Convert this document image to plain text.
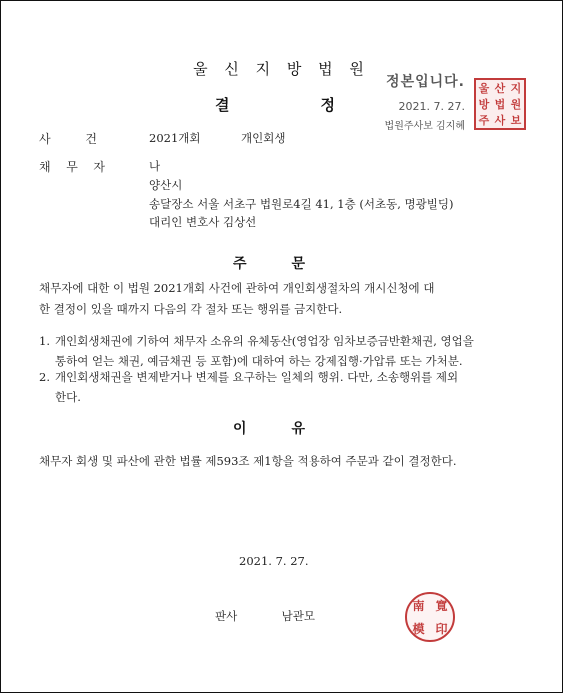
울 신 지 방 법 원
결	정
정본입니다.
2021. 7. 27.
법원주사보 김지혜
울 산 지
방 법 원
주 사 보
사	건	2021개회	개인회생
채 무 자	나
양산시
송달장소 서울 서초구 법원로4길 41, 1층 (서초동, 명광빌딩)
대리인 변호사 김상선
주	문
채무자에 대한 이 법원 2021개회 사건에 관하여 개인회생절차의 개시신청에 대
한 결정이 있을 때까지 다음의 각 절차 또는 행위를 금지한다.
1. 개인회생채권에 기하여 채무자 소유의 유체동산(영업장 임차보증금반환채권, 영업을
통하여 얻는 채권, 예금채권 등 포함)에 대하여 하는 강제집행·가압류 또는 가처분.
2. 개인회생채권을 변제받거나 변제를 요구하는 일체의 행위. 다만, 소송행위를 제외
한다.
이	유
채무자 회생 및 파산에 관한 법률 제593조 제1항을 적용하여 주문과 같이 결정한다.
2021. 7. 27.
판사	남관모
南 寬
模 印
